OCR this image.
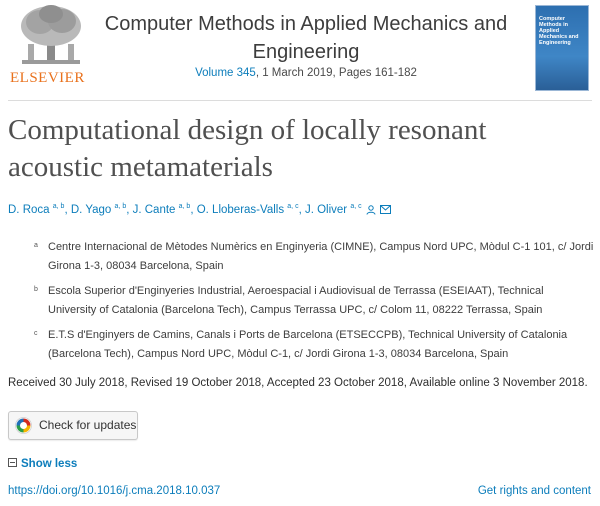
ELSEVIER
Computer Methods in Applied Mechanics and Engineering
Volume 345, 1 March 2019, Pages 161-182
Computer Methods in Applied Mechanics and Engineering
Computational design of locally resonant acoustic metamaterials
D. Roca $^{a, b}$, D. Yago $^{a, b}$, J. Cante $^{a, b}$, O. Lloberas-Valls $^{a, c}$, J. Oliver $^{a, c}$
a Centre Internacional de Mètodes Numèrics en Enginyeria (CIMNE), Campus Nord UPC, Mòdul C-1 101, c/ Jordi Girona 1-3, 08034 Barcelona, Spain
b Escola Superior d'Enginyeries Industrial, Aeroespacial i Audiovisual de Terrassa (ESEIAAT), Technical University of Catalonia (Barcelona Tech), Campus Terrassa UPC, c/ Colom 11, 08222 Terrassa, Spain
c E.T.S d'Enginyers de Camins, Canals i Ports de Barcelona (ETSECCPB), Technical University of Catalonia (Barcelona Tech), Campus Nord UPC, Mòdul C-1, c/ Jordi Girona 1-3, 08034 Barcelona, Spain
Received 30 July 2018, Revised 19 October 2018, Accepted 23 October 2018, Available online 3 November 2018.
Check for updates
Show less
https://doi.org/10.1016/j.cma.2018.10.037	Get rights and content
